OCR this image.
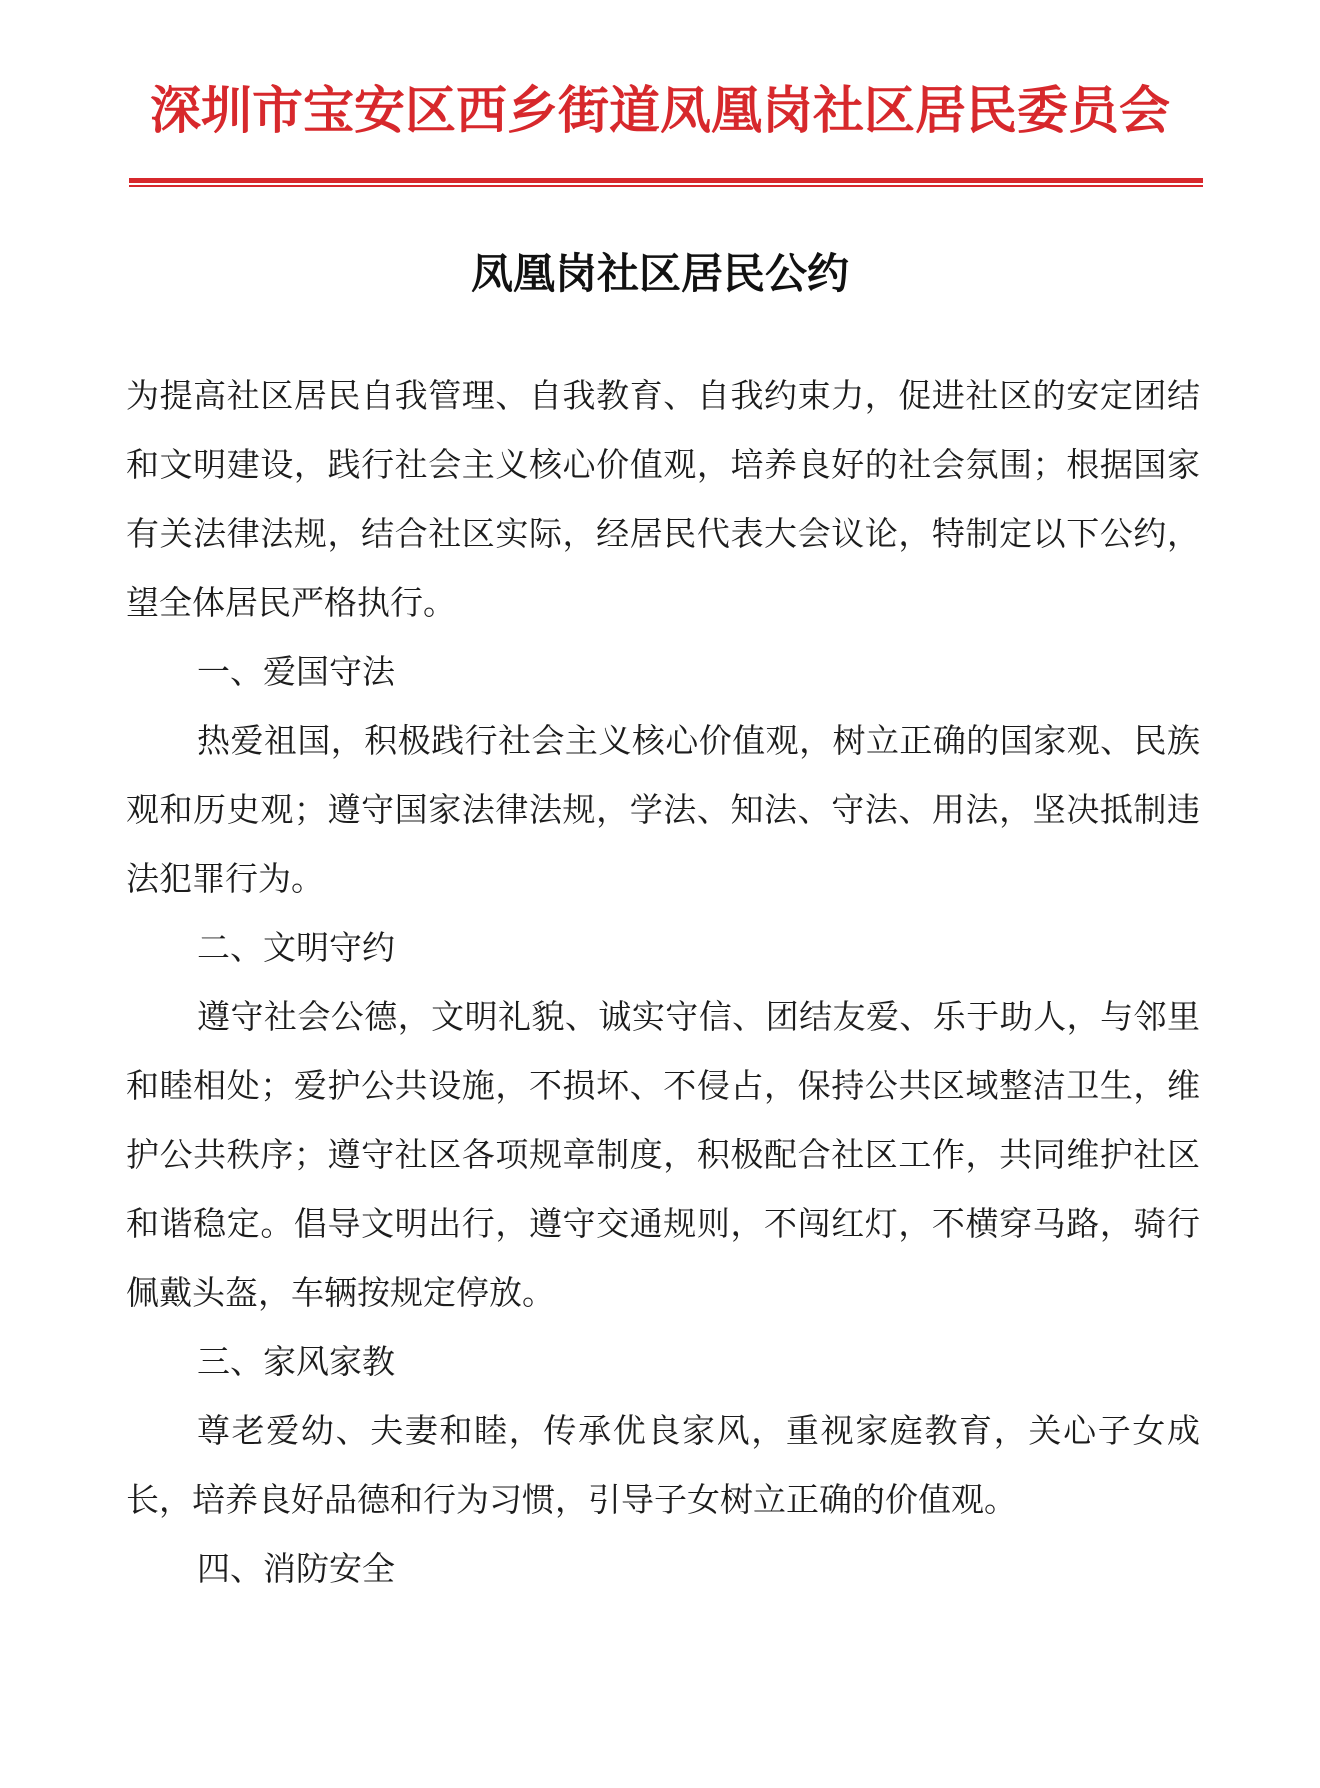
深圳市宝安区西乡街道凤凰岗社区居民委员会
凤凰岗社区居民公约

为提高社区居民自我管理、自我教育、自我约束力，促进社区的安定团结和文明建设，践行社会主义核心价值观，培养良好的社会氛围；根据国家有关法律法规，结合社区实际，经居民代表大会议论，特制定以下公约，望全体居民严格执行。

一、爱国守法

热爱祖国，积极践行社会主义核心价值观，树立正确的国家观、民族观和历史观；遵守国家法律法规，学法、知法、守法、用法，坚决抵制违法犯罪行为。

二、文明守约

遵守社会公德，文明礼貌、诚实守信、团结友爱、乐于助人，与邻里和睦相处；爱护公共设施，不损坏、不侵占，保持公共区域整洁卫生，维护公共秩序；遵守社区各项规章制度，积极配合社区工作，共同维护社区和谐稳定。倡导文明出行，遵守交通规则，不闯红灯，不横穿马路，骑行佩戴头盔，车辆按规定停放。

三、家风家教

尊老爱幼、夫妻和睦，传承优良家风，重视家庭教育，关心子女成长，培养良好品德和行为习惯，引导子女树立正确的价值观。

四、消防安全
